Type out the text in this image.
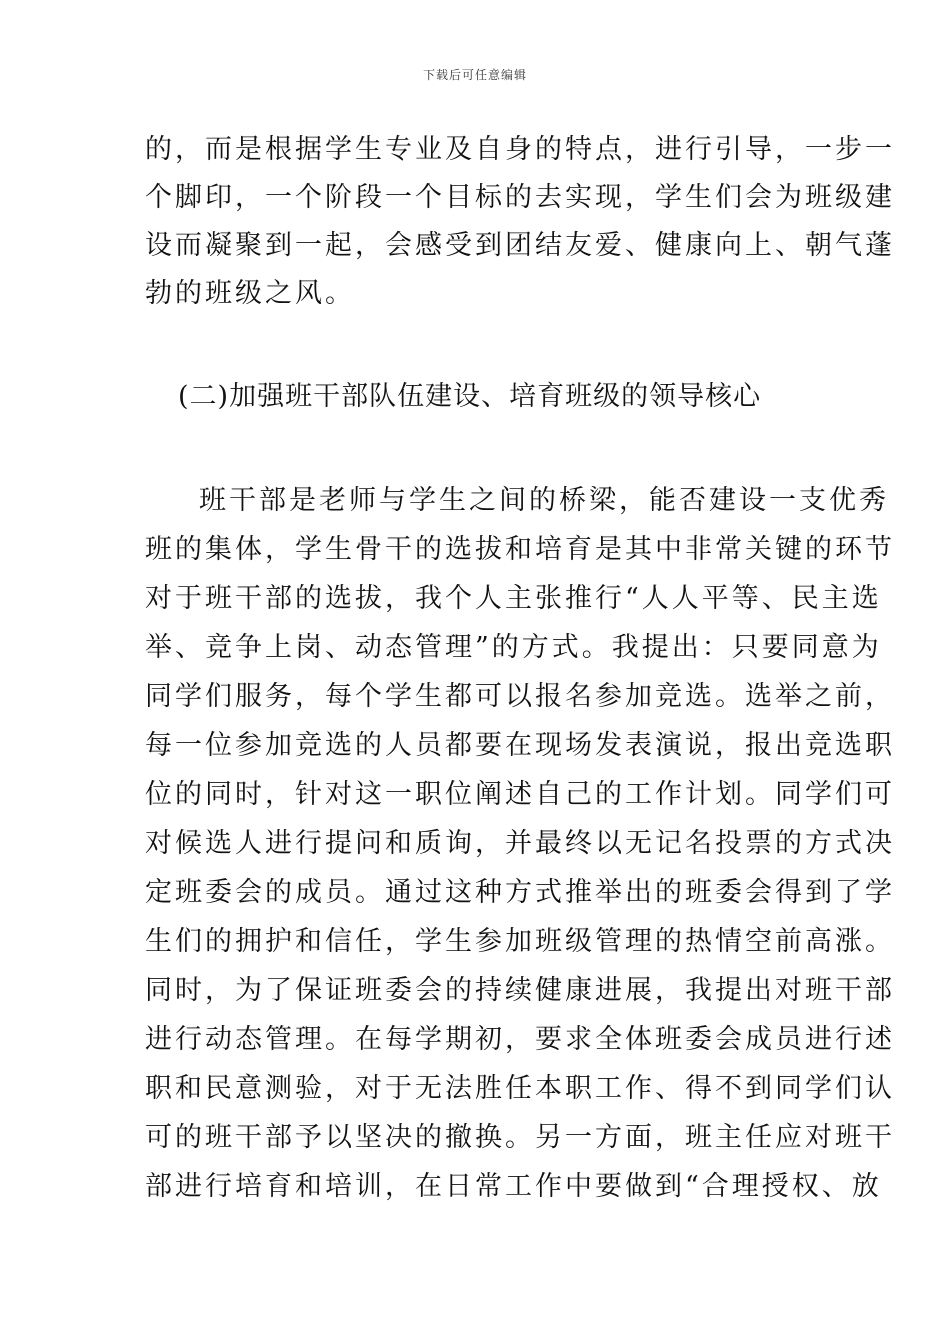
下载后可任意编辑

的，而是根据学生专业及自身的特点，进行引导，一步一

个脚印，一个阶段一个目标的去实现，学生们会为班级建

设而凝聚到一起，会感受到团结友爱、健康向上、朝气蓬

勃的班级之风。

(二)加强班干部队伍建设、培育班级的领导核心

班干部是老师与学生之间的桥梁，能否建设一支优秀

班的集体，学生骨干的选拔和培育是其中非常关键的环节

对于班干部的选拔，我个人主张推行“人人平等、民主选

举、竞争上岗、动态管理”的方式。我提出：只要同意为

同学们服务，每个学生都可以报名参加竞选。选举之前，

每一位参加竞选的人员都要在现场发表演说，报出竞选职

位的同时，针对这一职位阐述自己的工作计划。同学们可

对候选人进行提问和质询，并最终以无记名投票的方式决

定班委会的成员。通过这种方式推举出的班委会得到了学

生们的拥护和信任，学生参加班级管理的热情空前高涨。

同时，为了保证班委会的持续健康进展，我提出对班干部

进行动态管理。在每学期初，要求全体班委会成员进行述

职和民意测验，对于无法胜任本职工作、得不到同学们认

可的班干部予以坚决的撤换。另一方面，班主任应对班干

部进行培育和培训，在日常工作中要做到“合理授权、放
